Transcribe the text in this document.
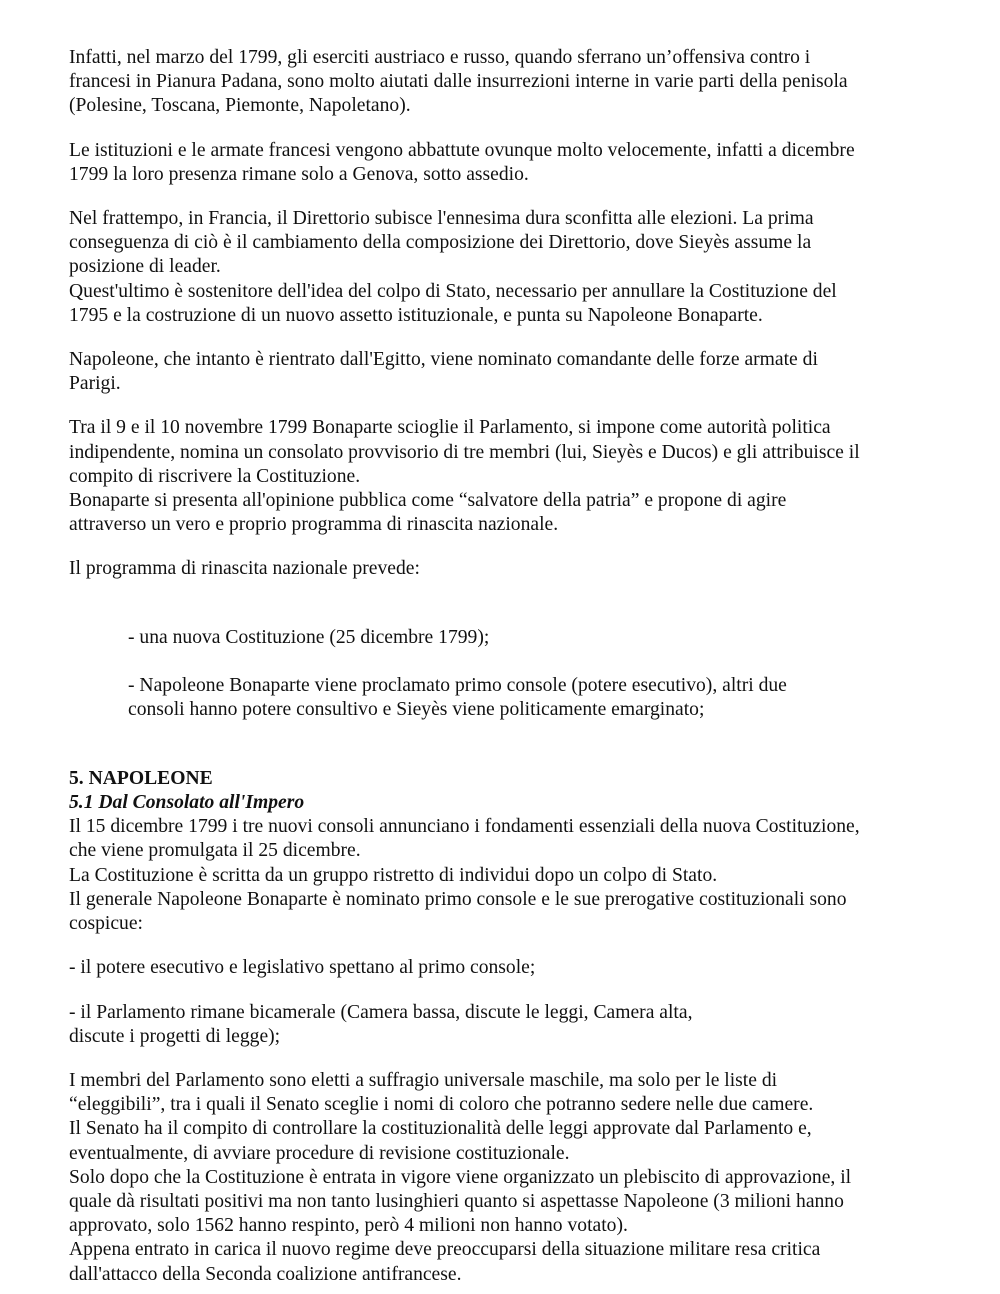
Infatti, nel marzo del 1799, gli eserciti austriaco e russo, quando sferrano un’offensiva contro i
francesi in Pianura Padana, sono molto aiutati dalle insurrezioni interne in varie parti della penisola
(Polesine, Toscana, Piemonte, Napoletano).

Le istituzioni e le armate francesi vengono abbattute ovunque molto velocemente, infatti a dicembre
1799 la loro presenza rimane solo a Genova, sotto assedio.

Nel frattempo, in Francia, il Direttorio subisce l'ennesima dura sconfitta alle elezioni. La prima
conseguenza di ciò è il cambiamento della composizione dei Direttorio, dove Sieyès assume la
posizione di leader.
Quest'ultimo è sostenitore dell'idea del colpo di Stato, necessario per annullare la Costituzione del
1795 e la costruzione di un nuovo assetto istituzionale, e punta su Napoleone Bonaparte.

Napoleone, che intanto è rientrato dall'Egitto, viene nominato comandante delle forze armate di
Parigi.

Tra il 9 e il 10 novembre 1799 Bonaparte scioglie il Parlamento, si impone come autorità politica
indipendente, nomina un consolato provvisorio di tre membri (lui, Sieyès e Ducos) e gli attribuisce il
compito di riscrivere la Costituzione.
Bonaparte si presenta all'opinione pubblica come “salvatore della patria” e propone di agire
attraverso un vero e proprio programma di rinascita nazionale.

Il programma di rinascita nazionale prevede:

- una nuova Costituzione (25 dicembre 1799);

- Napoleone Bonaparte viene proclamato primo console (potere esecutivo), altri due
consoli hanno potere consultivo e Sieyès viene politicamente emarginato;

5. NAPOLEONE
5.1 Dal Consolato all'Impero

Il 15 dicembre 1799 i tre nuovi consoli annunciano i fondamenti essenziali della nuova Costituzione,
che viene promulgata il 25 dicembre.
La Costituzione è scritta da un gruppo ristretto di individui dopo un colpo di Stato.
Il generale Napoleone Bonaparte è nominato primo console e le sue prerogative costituzionali sono
cospicue:

- il potere esecutivo e legislativo spettano al primo console;

- il Parlamento rimane bicamerale (Camera bassa, discute le leggi, Camera alta,
discute i progetti di legge);

I membri del Parlamento sono eletti a suffragio universale maschile, ma solo per le liste di
“eleggibili”, tra i quali il Senato sceglie i nomi di coloro che potranno sedere nelle due camere.
Il Senato ha il compito di controllare la costituzionalità delle leggi approvate dal Parlamento e,
eventualmente, di avviare procedure di revisione costituzionale.
Solo dopo che la Costituzione è entrata in vigore viene organizzato un plebiscito di approvazione, il
quale dà risultati positivi ma non tanto lusinghieri quanto si aspettasse Napoleone (3 milioni hanno
approvato, solo 1562 hanno respinto, però 4 milioni non hanno votato).
Appena entrato in carica il nuovo regime deve preoccuparsi della situazione militare resa critica
dall'attacco della Seconda coalizione antifrancese.
